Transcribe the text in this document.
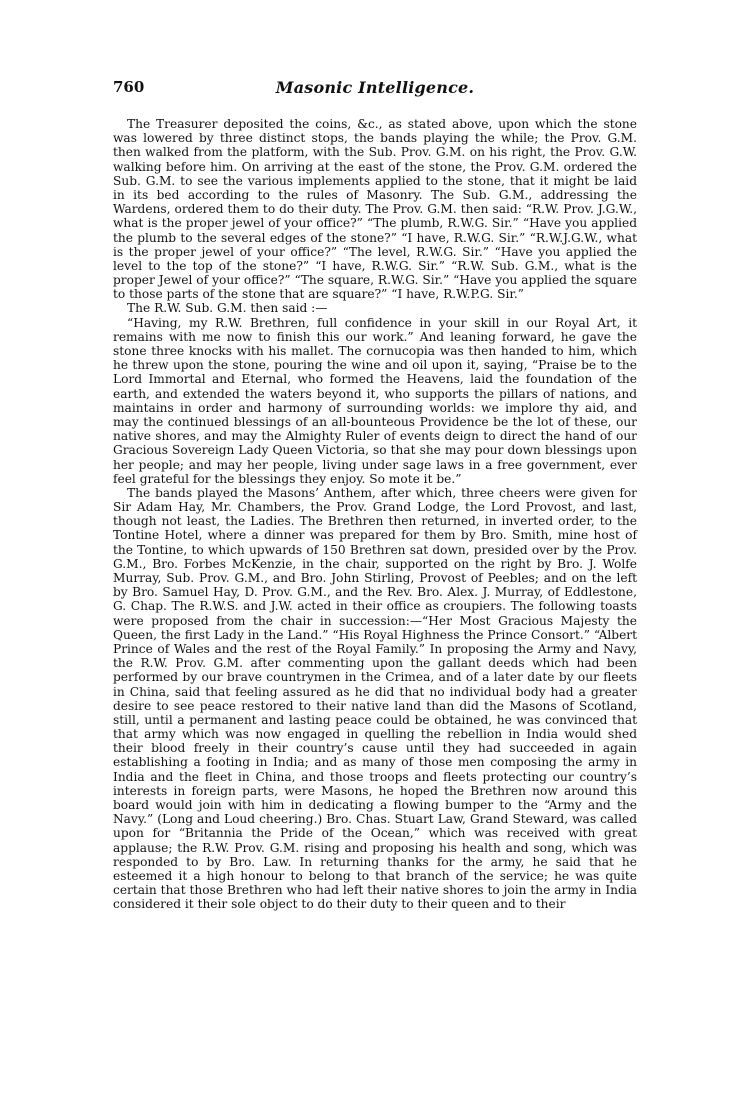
760	Masonic Intelligence.

The Treasurer deposited the coins, &c., as stated above, upon which the stone was lowered by three distinct stops, the bands playing the while; the Prov. G.M. then walked from the platform, with the Sub. Prov. G.M. on his right, the Prov. G.W. walking before him. On arriving at the east of the stone, the Prov. G.M. ordered the Sub. G.M. to see the various implements applied to the stone, that it might be laid in its bed according to the rules of Masonry. The Sub. G.M., addressing the Wardens, ordered them to do their duty. The Prov. G.M. then said: “R.W. Prov. J.G.W., what is the proper jewel of your office?” “The plumb, R.W.G. Sir.” “Have you applied the plumb to the several edges of the stone?” “I have, R.W.G. Sir.” “R.W.J.G.W., what is the proper jewel of your office?” “The level, R.W.G. Sir.” “Have you applied the level to the top of the stone?” “I have, R.W.G. Sir.” “R.W. Sub. G.M., what is the proper Jewel of your office?” “The square, R.W.G. Sir.” “Have you applied the square to those parts of the stone that are square?” “I have, R.W.P.G. Sir.”

The R.W. Sub. G.M. then said :—

“Having, my R.W. Brethren, full confidence in your skill in our Royal Art, it remains with me now to finish this our work.” And leaning forward, he gave the stone three knocks with his mallet. The cornucopia was then handed to him, which he threw upon the stone, pouring the wine and oil upon it, saying, “Praise be to the Lord Immortal and Eternal, who formed the Heavens, laid the foundation of the earth, and extended the waters beyond it, who supports the pillars of nations, and maintains in order and harmony of surrounding worlds: we implore thy aid, and may the continued blessings of an all-bounteous Providence be the lot of these, our native shores, and may the Almighty Ruler of events deign to direct the hand of our Gracious Sovereign Lady Queen Victoria, so that she may pour down blessings upon her people; and may her people, living under sage laws in a free government, ever feel grateful for the blessings they enjoy. So mote it be.”

The bands played the Masons’ Anthem, after which, three cheers were given for Sir Adam Hay, Mr. Chambers, the Prov. Grand Lodge, the Lord Provost, and last, though not least, the Ladies. The Brethren then returned, in inverted order, to the Tontine Hotel, where a dinner was prepared for them by Bro. Smith, mine host of the Tontine, to which upwards of 150 Brethren sat down, presided over by the Prov. G.M., Bro. Forbes McKenzie, in the chair, supported on the right by Bro. J. Wolfe Murray, Sub. Prov. G.M., and Bro. John Stirling, Provost of Peebles; and on the left by Bro. Samuel Hay, D. Prov. G.M., and the Rev. Bro. Alex. J. Murray, of Eddlestone, G. Chap. The R.W.S. and J.W. acted in their office as croupiers. The following toasts were proposed from the chair in succession:—“Her Most Gracious Majesty the Queen, the first Lady in the Land.” “His Royal Highness the Prince Consort.” “Albert Prince of Wales and the rest of the Royal Family.” In proposing the Army and Navy, the R.W. Prov. G.M. after commenting upon the gallant deeds which had been performed by our brave countrymen in the Crimea, and of a later date by our fleets in China, said that feeling assured as he did that no individual body had a greater desire to see peace restored to their native land than did the Masons of Scotland, still, until a permanent and lasting peace could be obtained, he was convinced that that army which was now engaged in quelling the rebellion in India would shed their blood freely in their country’s cause until they had succeeded in again establishing a footing in India; and as many of those men composing the army in India and the fleet in China, and those troops and fleets protecting our country’s interests in foreign parts, were Masons, he hoped the Brethren now around this board would join with him in dedicating a flowing bumper to the “Army and the Navy.” (Long and Loud cheering.) Bro. Chas. Stuart Law, Grand Steward, was called upon for “Britannia the Pride of the Ocean,” which was received with great applause; the R.W. Prov. G.M. rising and proposing his health and song, which was responded to by Bro. Law. In returning thanks for the army, he said that he esteemed it a high honour to belong to that branch of the service; he was quite certain that those Brethren who had left their native shores to join the army in India considered it their sole object to do their duty to their queen and to their
